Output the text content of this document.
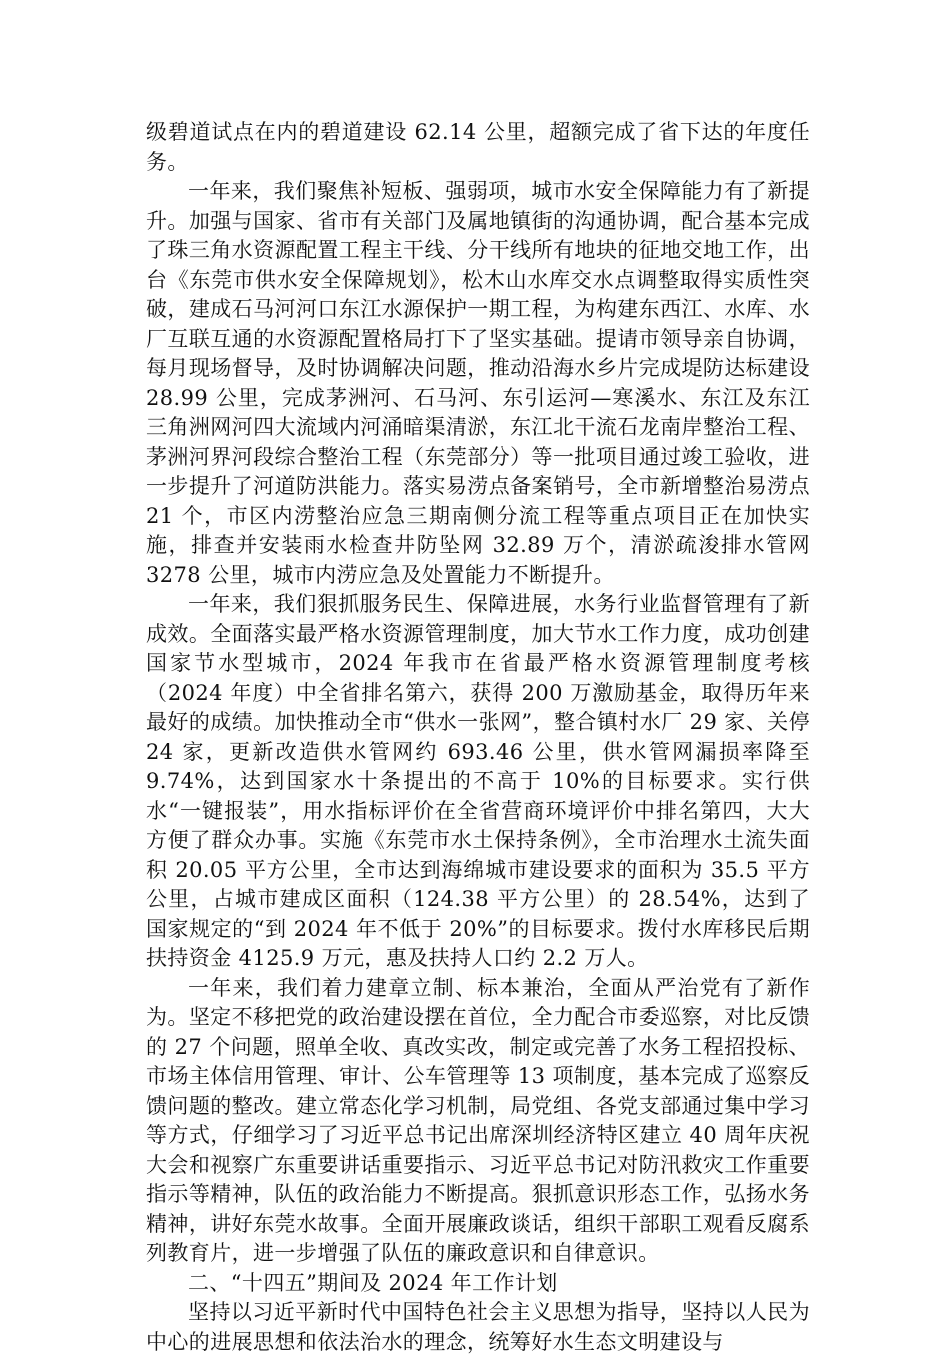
级碧道试点在内的碧道建设 62.14 公里，超额完成了省下达的年度任务。

一年来，我们聚焦补短板、强弱项，城市水安全保障能力有了新提升。加强与国家、省市有关部门及属地镇街的沟通协调，配合基本完成了珠三角水资源配置工程主干线、分干线所有地块的征地交地工作，出台《东莞市供水安全保障规划》，松木山水库交水点调整取得实质性突破，建成石马河河口东江水源保护一期工程，为构建东西江、水库、水厂互联互通的水资源配置格局打下了坚实基础。提请市领导亲自协调，每月现场督导，及时协调解决问题，推动沿海水乡片完成堤防达标建设 28.99 公里，完成茅洲河、石马河、东引运河—寒溪水、东江及东江三角洲网河四大流域内河涌暗渠清淤，东江北干流石龙南岸整治工程、茅洲河界河段综合整治工程（东莞部分）等一批项目通过竣工验收，进一步提升了河道防洪能力。落实易涝点备案销号，全市新增整治易涝点 21 个，市区内涝整治应急三期南侧分流工程等重点项目正在加快实施，排查并安装雨水检查井防坠网 32.89 万个，清淤疏浚排水管网 3278 公里，城市内涝应急及处置能力不断提升。

一年来，我们狠抓服务民生、保障进展，水务行业监督管理有了新成效。全面落实最严格水资源管理制度，加大节水工作力度，成功创建国家节水型城市，2024 年我市在省最严格水资源管理制度考核（2024 年度）中全省排名第六，获得 200 万激励基金，取得历年来最好的成绩。加快推动全市“供水一张网”，整合镇村水厂 29 家、关停 24 家，更新改造供水管网约 693.46 公里，供水管网漏损率降至 9.74%，达到国家水十条提出的不高于 10%的目标要求。实行供水“一键报装”，用水指标评价在全省营商环境评价中排名第四，大大方便了群众办事。实施《东莞市水土保持条例》，全市治理水土流失面积 20.05 平方公里，全市达到海绵城市建设要求的面积为 35.5 平方公里，占城市建成区面积（124.38 平方公里）的 28.54%，达到了国家规定的“到 2024 年不低于 20%”的目标要求。拨付水库移民后期扶持资金 4125.9 万元，惠及扶持人口约 2.2 万人。

一年来，我们着力建章立制、标本兼治，全面从严治党有了新作为。坚定不移把党的政治建设摆在首位，全力配合市委巡察，对比反馈的 27 个问题，照单全收、真改实改，制定或完善了水务工程招投标、市场主体信用管理、审计、公车管理等 13 项制度，基本完成了巡察反馈问题的整改。建立常态化学习机制，局党组、各党支部通过集中学习等方式，仔细学习了习近平总书记出席深圳经济特区建立 40 周年庆祝大会和视察广东重要讲话重要指示、习近平总书记对防汛救灾工作重要指示等精神，队伍的政治能力不断提高。狠抓意识形态工作，弘扬水务精神，讲好东莞水故事。全面开展廉政谈话，组织干部职工观看反腐系列教育片，进一步增强了队伍的廉政意识和自律意识。

二、“十四五”期间及 2024 年工作计划

坚持以习近平新时代中国特色社会主义思想为指导，坚持以人民为中心的进展思想和依法治水的理念，统筹好水生态文明建设与
